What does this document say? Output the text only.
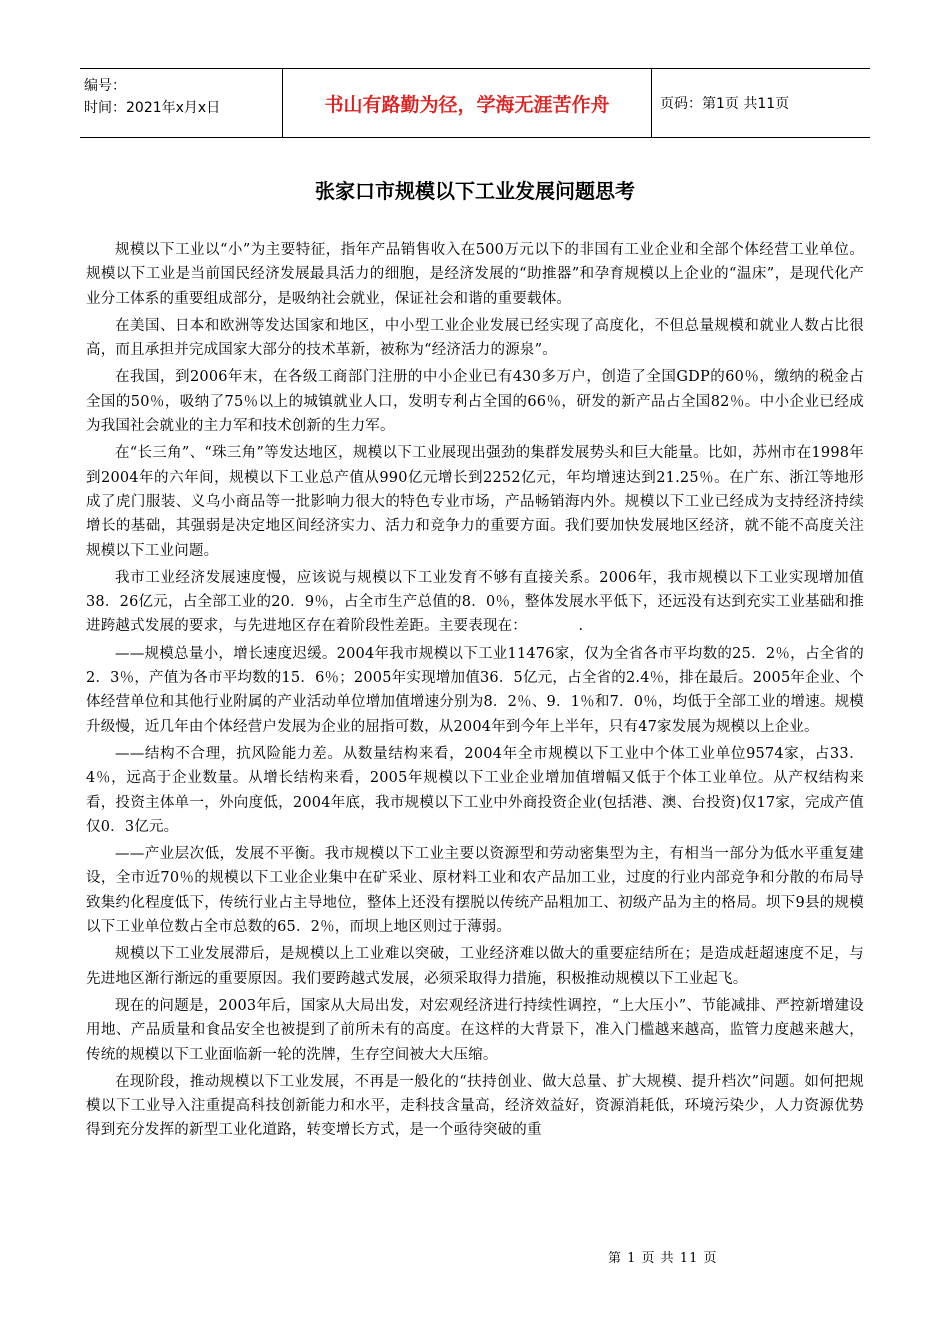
编号：
时间：2021年x月x日	书山有路勤为径，学海无涯苦作舟	页码：第1页 共11页
张家口市规模以下工业发展问题思考

规模以下工业以“小”为主要特征，指年产品销售收入在500万元以下的非国有工业企业和全部个体经营工业单位。规模以下工业是当前国民经济发展最具活力的细胞，是经济发展的“助推器”和孕育规模以上企业的“温床”，是现代化产业分工体系的重要组成部分，是吸纳社会就业，保证社会和谐的重要载体。

在美国、日本和欧洲等发达国家和地区，中小型工业企业发展已经实现了高度化，不但总量规模和就业人数占比很高，而且承担并完成国家大部分的技术革新，被称为“经济活力的源泉”。

在我国，到2006年末，在各级工商部门注册的中小企业已有430多万户，创造了全国GDP的60％，缴纳的税金占全国的50％，吸纳了75％以上的城镇就业人口，发明专利占全国的66％，研发的新产品占全国82％。中小企业已经成为我国社会就业的主力军和技术创新的生力军。

在“长三角”、“珠三角”等发达地区，规模以下工业展现出强劲的集群发展势头和巨大能量。比如，苏州市在1998年到2004年的六年间，规模以下工业总产值从990亿元增长到2252亿元，年均增速达到21.25％。在广东、浙江等地形成了虎门服装、义乌小商品等一批影响力很大的特色专业市场，产品畅销海内外。规模以下工业已经成为支持经济持续增长的基础，其强弱是决定地区间经济实力、活力和竞争力的重要方面。我们要加快发展地区经济，就不能不高度关注规模以下工业问题。

我市工业经济发展速度慢，应该说与规模以下工业发育不够有直接关系。2006年，我市规模以下工业实现增加值38．26亿元，占全部工业的20．9％，占全市生产总值的8．0％，整体发展水平低下，还远没有达到充实工业基础和推进跨越式发展的要求，与先进地区存在着阶段性差距。主要表现在：　　　　.

——规模总量小，增长速度迟缓。2004年我市规模以下工业11476家，仅为全省各市平均数的25．2％，占全省的2．3％，产值为各市平均数的15．6％；2005年实现增加值36．5亿元，占全省的2.4％，排在最后。2005年企业、个体经营单位和其他行业附属的产业活动单位增加值增速分别为8．2％、9．1％和7．0％，均低于全部工业的增速。规模升级慢，近几年由个体经营户发展为企业的屈指可数，从2004年到今年上半年，只有47家发展为规模以上企业。

——结构不合理，抗风险能力差。从数量结构来看，2004年全市规模以下工业中个体工业单位9574家，占33．4％，远高于企业数量。从增长结构来看，2005年规模以下工业企业增加值增幅又低于个体工业单位。从产权结构来看，投资主体单一，外向度低，2004年底，我市规模以下工业中外商投资企业(包括港、澳、台投资)仅17家，完成产值仅0．3亿元。

——产业层次低，发展不平衡。我市规模以下工业主要以资源型和劳动密集型为主，有相当一部分为低水平重复建设，全市近70％的规模以下工业企业集中在矿采业、原材料工业和农产品加工业，过度的行业内部竞争和分散的布局导致集约化程度低下，传统行业占主导地位，整体上还没有摆脱以传统产品粗加工、初级产品为主的格局。坝下9县的规模以下工业单位数占全市总数的65．2％，而坝上地区则过于薄弱。

规模以下工业发展滞后，是规模以上工业难以突破，工业经济难以做大的重要症结所在；是造成赶超速度不足，与先进地区渐行渐远的重要原因。我们要跨越式发展，必须采取得力措施，积极推动规模以下工业起飞。

现在的问题是，2003年后，国家从大局出发，对宏观经济进行持续性调控，“上大压小”、节能减排、严控新增建设用地、产品质量和食品安全也被提到了前所未有的高度。在这样的大背景下，准入门槛越来越高，监管力度越来越大，传统的规模以下工业面临新一轮的洗牌，生存空间被大大压缩。

在现阶段，推动规模以下工业发展，不再是一般化的“扶持创业、做大总量、扩大规模、提升档次”问题。如何把规模以下工业导入注重提高科技创新能力和水平，走科技含量高，经济效益好，资源消耗低，环境污染少，人力资源优势得到充分发挥的新型工业化道路，转变增长方式，是一个亟待突破的重

第 1 页 共 11 页
